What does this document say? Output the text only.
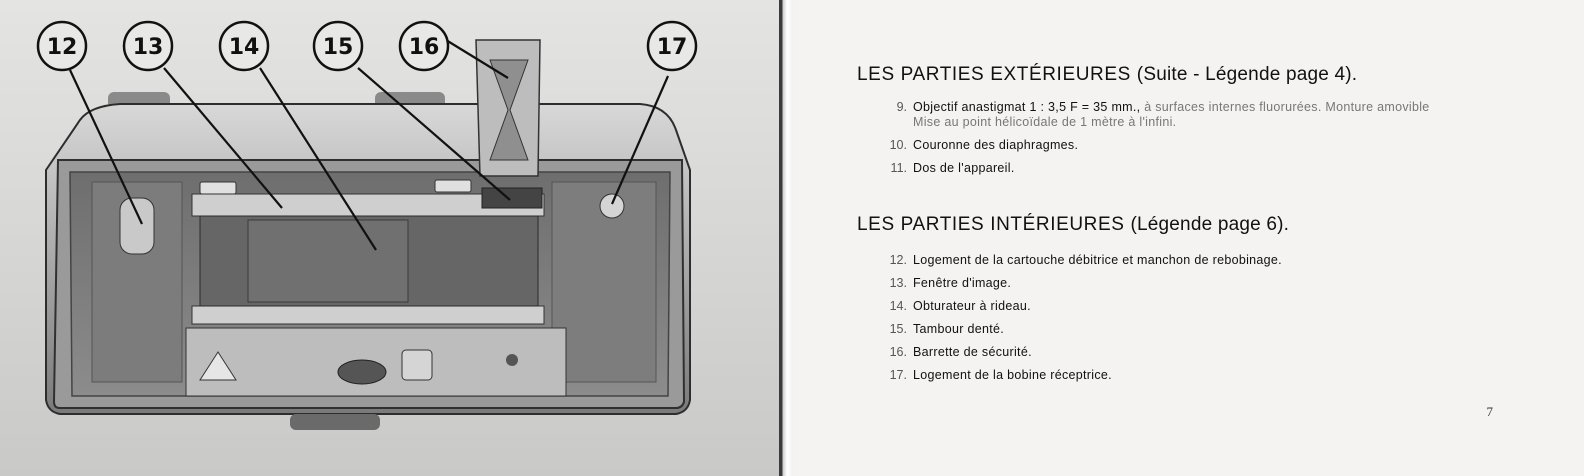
12	13	14	15	16	17
LES PARTIES EXTÉRIEURES (Suite - Légende page 4).
9. Objectif anastigmat 1 : 3,5 F = 35 mm., à surfaces internes fluorurées. Monture amovible
Mise au point hélicoïdale de 1 mètre à l'infini.
10. Couronne des diaphragmes.
11. Dos de l'appareil.
LES PARTIES INTÉRIEURES (Légende page 6).
12. Logement de la cartouche débitrice et manchon de rebobinage.
13. Fenêtre d'image.
14. Obturateur à rideau.
15. Tambour denté.
16. Barrette de sécurité.
17. Logement de la bobine réceptrice.
7
